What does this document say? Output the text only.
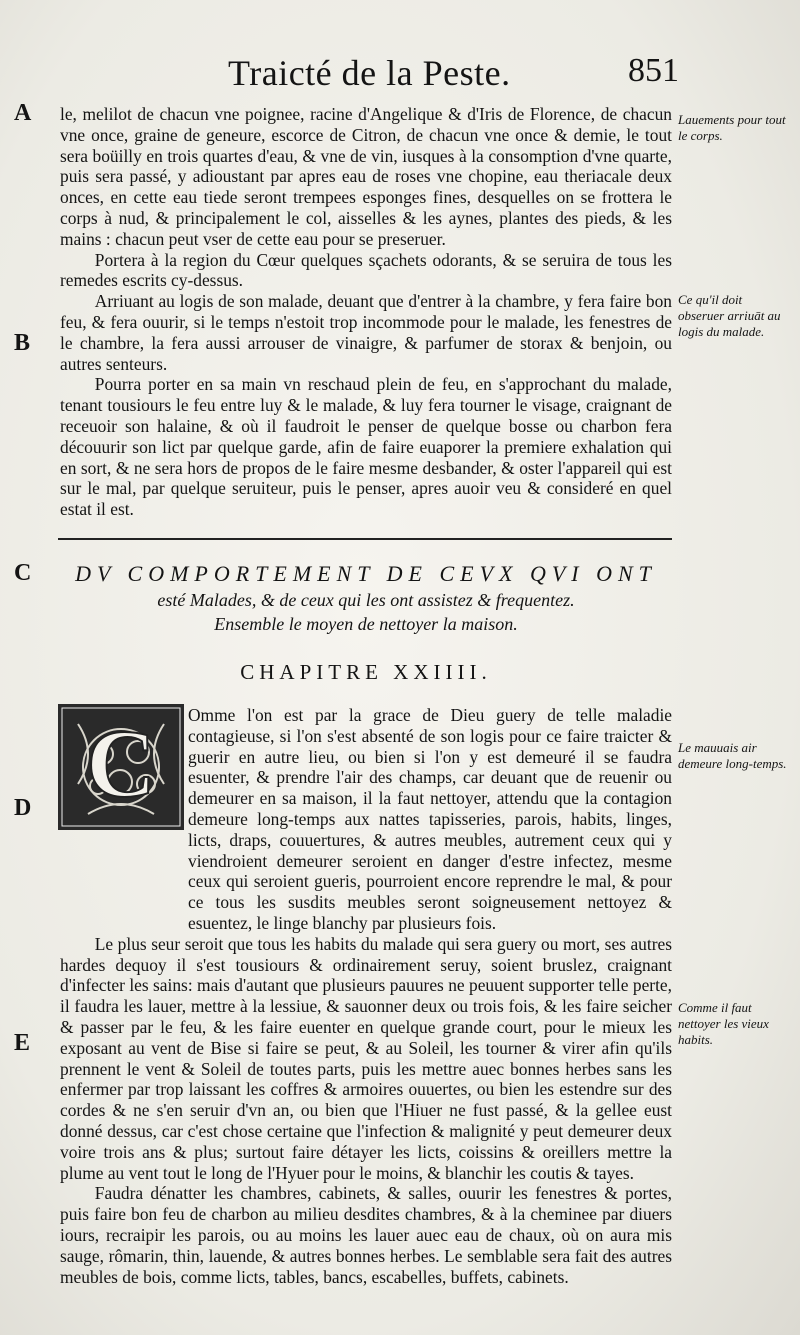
Traicté de la Peste.	851
A
B
C
D
E
Lauements pour tout le corps.
Ce qu'il doit obseruer arriuāt au logis du malade.
Le mauuais air demeure long-temps.
Comme il faut nettoyer les vieux habits.

le, melilot de chacun vne poignee, racine d'Angelique & d'Iris de Florence, de chacun vne once, graine de geneure, escorce de Citron, de chacun vne once & demie, le tout sera boüilly en trois quartes d'eau, & vne de vin, iusques à la consomption d'vne quarte, puis sera passé, y adioustant par apres eau de roses vne chopine, eau theriacale deux onces, en cette eau tiede seront trempees esponges fines, desquelles on se frottera le corps à nud, & principalement le col, aisselles & les aynes, plantes des pieds, & les mains : chacun peut vser de cette eau pour se preseruer.

Portera à la region du Cœur quelques sçachets odorants, & se seruira de tous les remedes escrits cy-dessus.

Arriuant au logis de son malade, deuant que d'entrer à la chambre, y fera faire bon feu, & fera ouurir, si le temps n'estoit trop incommode pour le malade, les fenestres de le chambre, la fera aussi arrouser de vinaigre, & parfumer de storax & benjoin, ou autres senteurs.

Pourra porter en sa main vn reschaud plein de feu, en s'approchant du malade, tenant tousiours le feu entre luy & le malade, & luy fera tourner le visage, craignant de receuoir son halaine, & où il faudroit le penser de quelque bosse ou charbon fera découurir son lict par quelque garde, afin de faire euaporer la premiere exhalation qui en sort, & ne sera hors de propos de le faire mesme desbander, & oster l'appareil qui est sur le mal, par quelque seruiteur, puis le penser, apres auoir veu & consideré en quel estat il est.

DV COMPORTEMENT DE CEVX QVI ONT
esté Malades, & de ceux qui les ont assistez & frequentez.
Ensemble le moyen de nettoyer la maison.
CHAPITRE XXIIII.
C Omme l'on est par la grace de Dieu guery de telle maladie contagieuse, si l'on s'est absenté de son logis pour ce faire traicter & guerir en autre lieu, ou bien si l'on y est demeuré il se faudra esuenter, & prendre l'air des champs, car deuant que de reuenir ou demeurer en sa maison, il la faut nettoyer, attendu que la contagion demeure long-temps aux nattes tapisseries, parois, habits, linges, licts, draps, couuertures, & autres meubles, autrement ceux qui y viendroient demeurer seroient en danger d'estre infectez, mesme ceux qui seroient gueris, pourroient encore reprendre le mal, & pour ce tous les susdits meubles seront soigneusement nettoyez & esuentez, le linge blanchy par plusieurs fois.

Le plus seur seroit que tous les habits du malade qui sera guery ou mort, ses autres hardes dequoy il s'est tousiours & ordinairement seruy, soient bruslez, craignant d'infecter les sains: mais d'autant que plusieurs pauures ne peuuent supporter telle perte, il faudra les lauer, mettre à la lessiue, & sauonner deux ou trois fois, & les faire seicher & passer par le feu, & les faire euenter en quelque grande court, pour le mieux les exposant au vent de Bise si faire se peut, & au Soleil, les tourner & virer afin qu'ils prennent le vent & Soleil de toutes parts, puis les mettre auec bonnes herbes sans les enfermer par trop laissant les coffres & armoires ouuertes, ou bien les estendre sur des cordes & ne s'en seruir d'vn an, ou bien que l'Hiuer ne fust passé, & la gellee eust donné dessus, car c'est chose certaine que l'infection & malignité y peut demeurer deux voire trois ans & plus; surtout faire détayer les licts, coissins & oreillers mettre la plume au vent tout le long de l'Hyuer pour le moins, & blanchir les coutis & tayes.

Faudra dénatter les chambres, cabinets, & salles, ouurir les fenestres & portes, puis faire bon feu de charbon au milieu desdites chambres, & à la cheminee par diuers iours, recraipir les parois, ou au moins les lauer auec eau de chaux, où on aura mis sauge, rômarin, thin, lauende, & autres bonnes herbes. Le semblable sera fait des autres meubles de bois, comme licts, tables, bancs, escabelles, buffets, cabinets.
